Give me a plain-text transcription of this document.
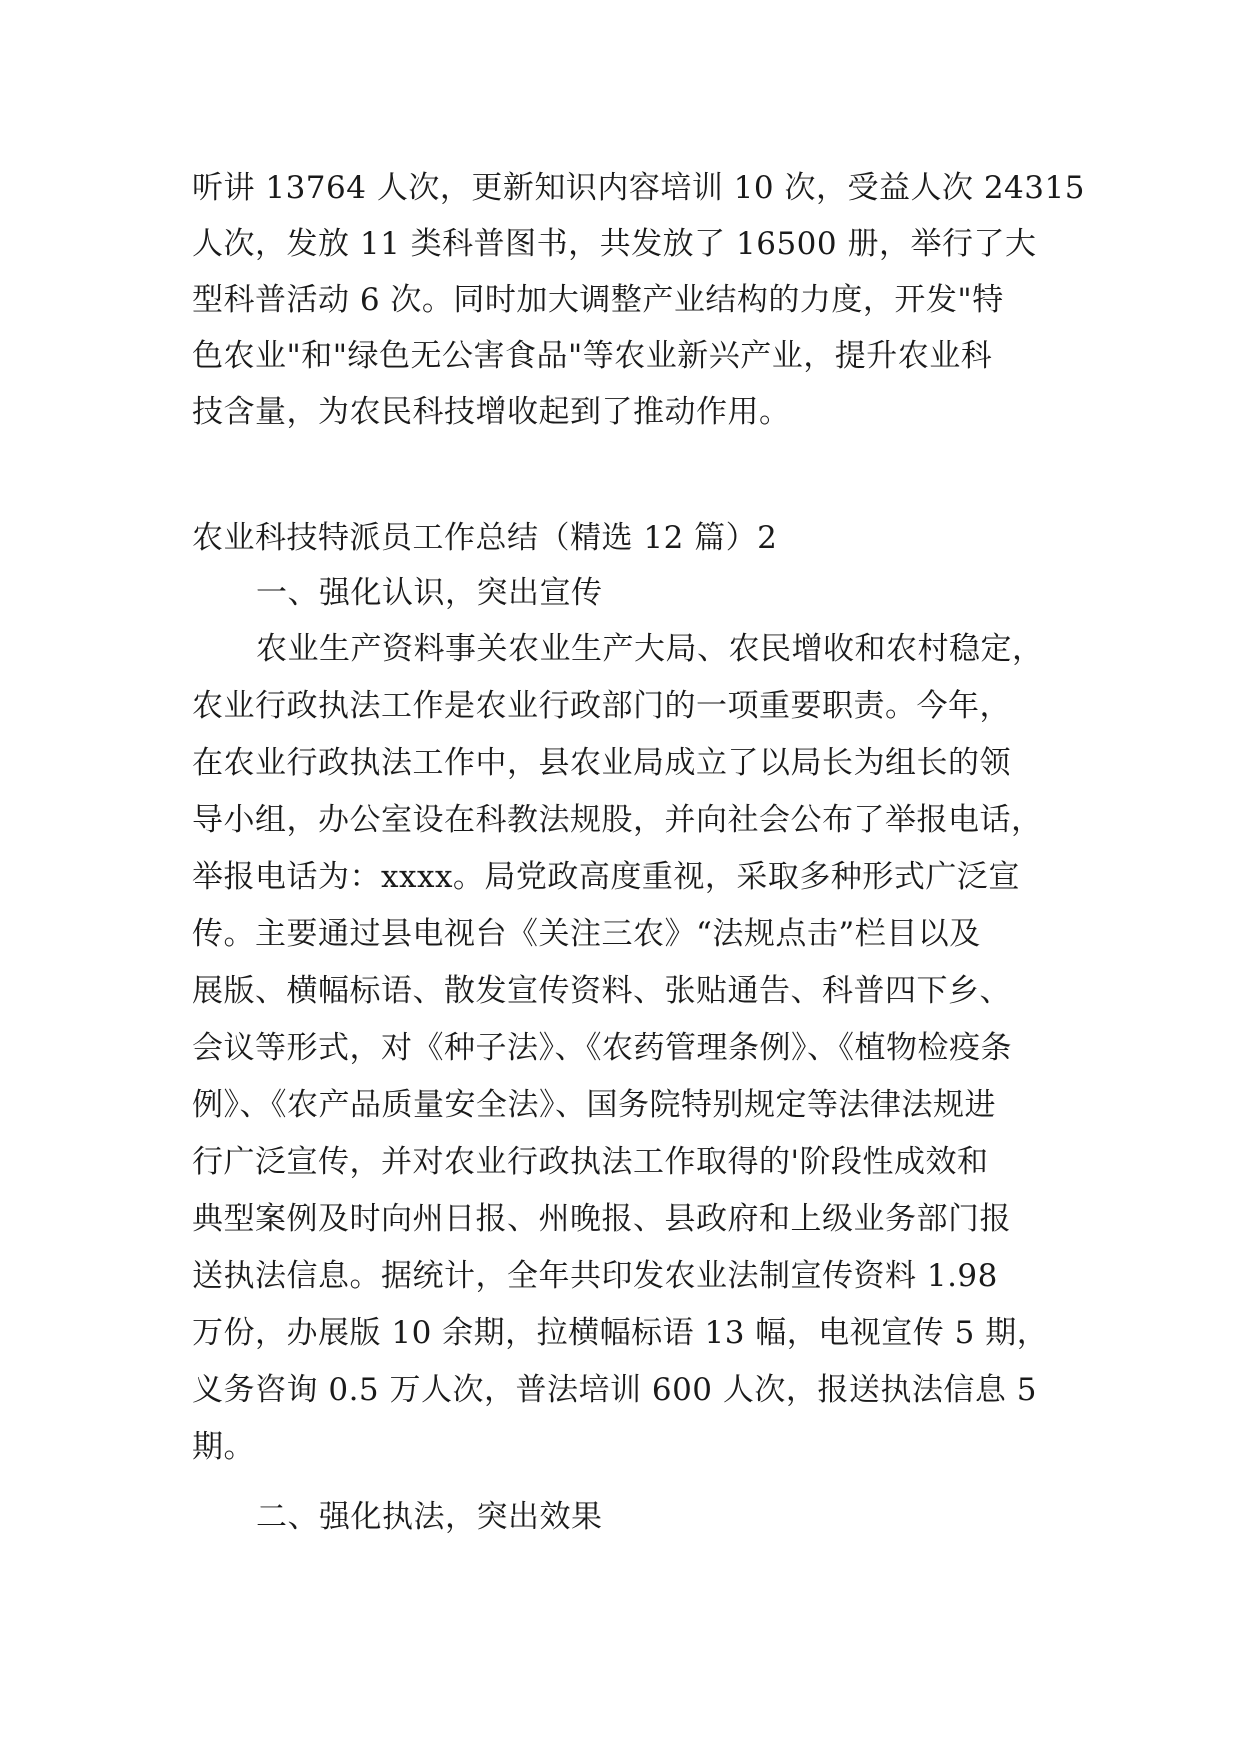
听讲 13764 人次，更新知识内容培训 10 次，受益人次 24315
人次，发放 11 类科普图书，共发放了 16500 册，举行了大
型科普活动 6 次。同时加大调整产业结构的力度，开发"特
色农业"和"绿色无公害食品"等农业新兴产业，提升农业科
技含量，为农民科技增收起到了推动作用。
农业科技特派员工作总结（精选 12 篇）2
一、强化认识，突出宣传
农业生产资料事关农业生产大局、农民增收和农村稳定，
农业行政执法工作是农业行政部门的一项重要职责。今年，
在农业行政执法工作中，县农业局成立了以局长为组长的领
导小组，办公室设在科教法规股，并向社会公布了举报电话，
举报电话为：xxxx。局党政高度重视，采取多种形式广泛宣
传。主要通过县电视台《关注三农》“法规点击”栏目以及
展版、横幅标语、散发宣传资料、张贴通告、科普四下乡、
会议等形式，对《种子法》、《农药管理条例》、《植物检疫条
例》、《农产品质量安全法》、国务院特别规定等法律法规进
行广泛宣传，并对农业行政执法工作取得的'阶段性成效和
典型案例及时向州日报、州晚报、县政府和上级业务部门报
送执法信息。据统计，全年共印发农业法制宣传资料 1.98
万份，办展版 10 余期，拉横幅标语 13 幅，电视宣传 5 期，
义务咨询 0.5 万人次，普法培训 600 人次，报送执法信息 5
期。
二、强化执法，突出效果
